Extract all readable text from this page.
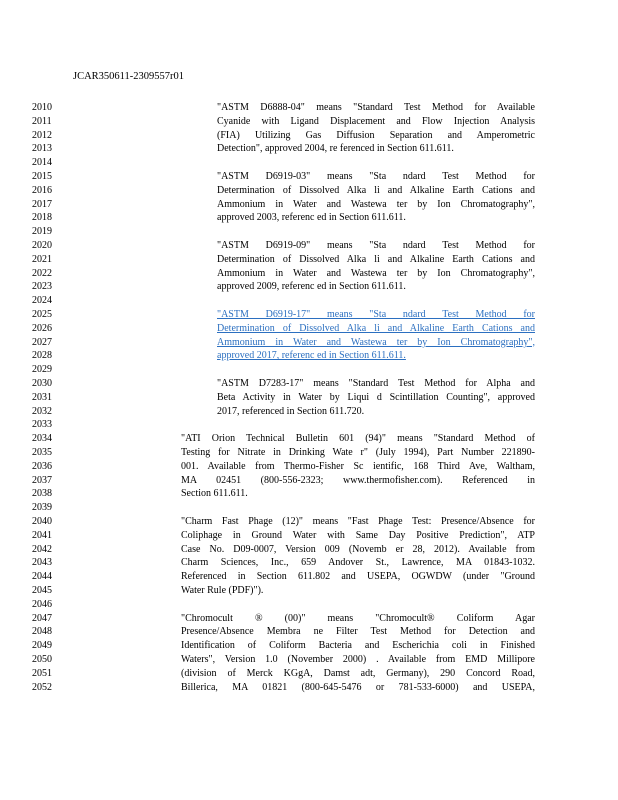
JCAR350611-2309557r01
2010	"ASTM D6888-04" means "Standard Test Method for Available
2011	Cyanide with Ligand Displacement and Flow Injection Analysis
2012	(FIA) Utilizing Gas Diffusion Separation and Amperometric
2013	Detection", approved 2004, re ferenced in Section 611.611.
2014
2015	"ASTM D6919-03" means "Sta ndard Test Method for
2016	Determination of Dissolved Alka li and Alkaline Earth Cations and
2017	Ammonium in Water and Wastewa ter by Ion Chromatography",
2018	approved 2003, referenc ed in Section 611.611.
2019
2020	"ASTM D6919-09" means "Sta ndard Test Method for
2021	Determination of Dissolved Alka li and Alkaline Earth Cations and
2022	Ammonium in Water and Wastewa ter by Ion Chromatography",
2023	approved 2009, referenc ed in Section 611.611.
2024
2025	"ASTM D6919-17" means "Sta ndard Test Method for
2026	Determination of Dissolved Alka li and Alkaline Earth Cations and
2027	Ammonium in Water and Wastewa ter by Ion Chromatography",
2028	approved 2017, referenc ed in Section 611.611.
2029
2030	"ASTM D7283-17" means "Standard Test Method for Alpha and
2031	Beta Activity in Water by Liqui d Scintillation Counting", approved
2032	2017, referenced in Section 611.720.
2033
2034	"ATI Orion Technical Bulletin 601 (94)" means "Standard Method of
2035	Testing for Nitrate in Drinking Wate r" (July 1994), Part Number 221890-
2036	001. Available from Thermo-Fisher Sc ientific, 168 Third Ave, Waltham,
2037	MA 02451 (800-556-2323; www.thermofisher.com). Referenced in
2038	Section 611.611.
2039
2040	"Charm Fast Phage (12)" means "Fast Phage Test: Presence/Absence for
2041	Coliphage in Ground Water with Same Day Positive Prediction", ATP
2042	Case No. D09-0007, Version 009 (Novemb er 28, 2012). Available from
2043	Charm Sciences, Inc., 659 Andover St., Lawrence, MA 01843-1032.
2044	Referenced in Section 611.802 and USEPA, OGWDW (under "Ground
2045	Water Rule (PDF)").
2046
2047	"Chromocult ® (00)" means "Chromocult® Coliform Agar
2048	Presence/Absence Membra ne Filter Test Method for Detection and
2049	Identification of Coliform Bacteria and Escherichia coli in Finished
2050	Waters", Version 1.0 (November 2000) . Available from EMD Millipore
2051	(division of Merck KGgA, Damst adt, Germany), 290 Concord Road,
2052	Billerica, MA 01821 (800-645-5476 or 781-533-6000) and USEPA,
